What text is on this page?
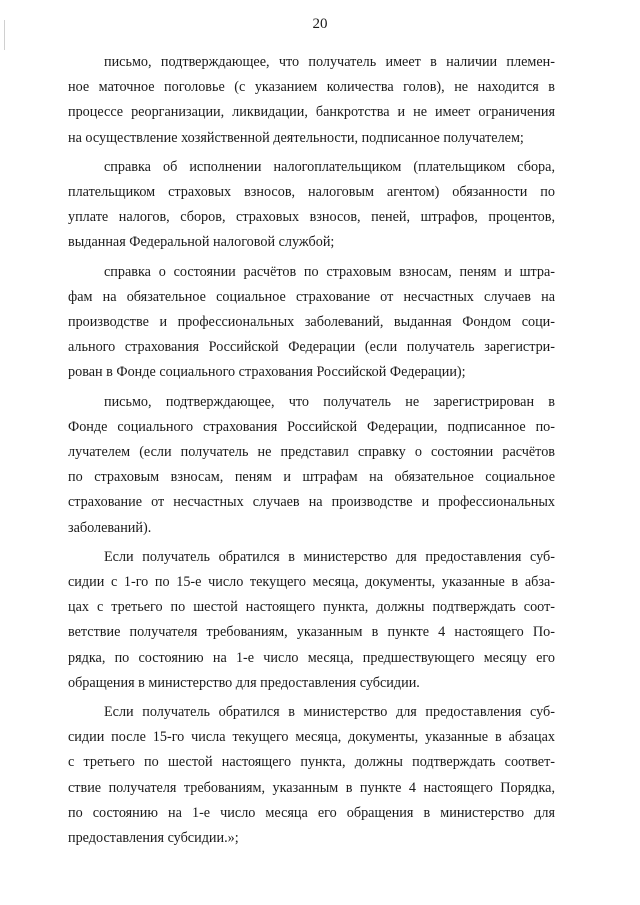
20
письмо, подтверждающее, что получатель имеет в наличии племен-
ное маточное поголовье (с указанием количества голов), не находится в
процессе реорганизации, ликвидации, банкротства и не имеет ограничения
на осуществление хозяйственной деятельности, подписанное получателем;
справка об исполнении налогоплательщиком (плательщиком сбора,
плательщиком страховых взносов, налоговым агентом) обязанности по
уплате налогов, сборов, страховых взносов, пеней, штрафов, процентов,
выданная Федеральной налоговой службой;
справка о состоянии расчётов по страховым взносам, пеням и штра-
фам на обязательное социальное страхование от несчастных случаев на
производстве и профессиональных заболеваний, выданная Фондом соци-
ального страхования Российской Федерации (если получатель зарегистри-
рован в Фонде социального страхования Российской Федерации);
письмо, подтверждающее, что получатель не зарегистрирован в
Фонде социального страхования Российской Федерации, подписанное по-
лучателем (если получатель не представил справку о состоянии расчётов
по страховым взносам, пеням и штрафам на обязательное социальное
страхование от несчастных случаев на производстве и профессиональных
заболеваний).
Если получатель обратился в министерство для предоставления суб-
сидии с 1-го по 15-е число текущего месяца, документы, указанные в абза-
цах с третьего по шестой настоящего пункта, должны подтверждать соот-
ветствие получателя требованиям, указанным в пункте 4 настоящего По-
рядка, по состоянию на 1-е число месяца, предшествующего месяцу его
обращения в министерство для предоставления субсидии.
Если получатель обратился в министерство для предоставления суб-
сидии после 15-го числа текущего месяца, документы, указанные в абзацах
с третьего по шестой настоящего пункта, должны подтверждать соответ-
ствие получателя требованиям, указанным в пункте 4 настоящего Порядка,
по состоянию на 1-е число месяца его обращения в министерство для
предоставления субсидии.»;
